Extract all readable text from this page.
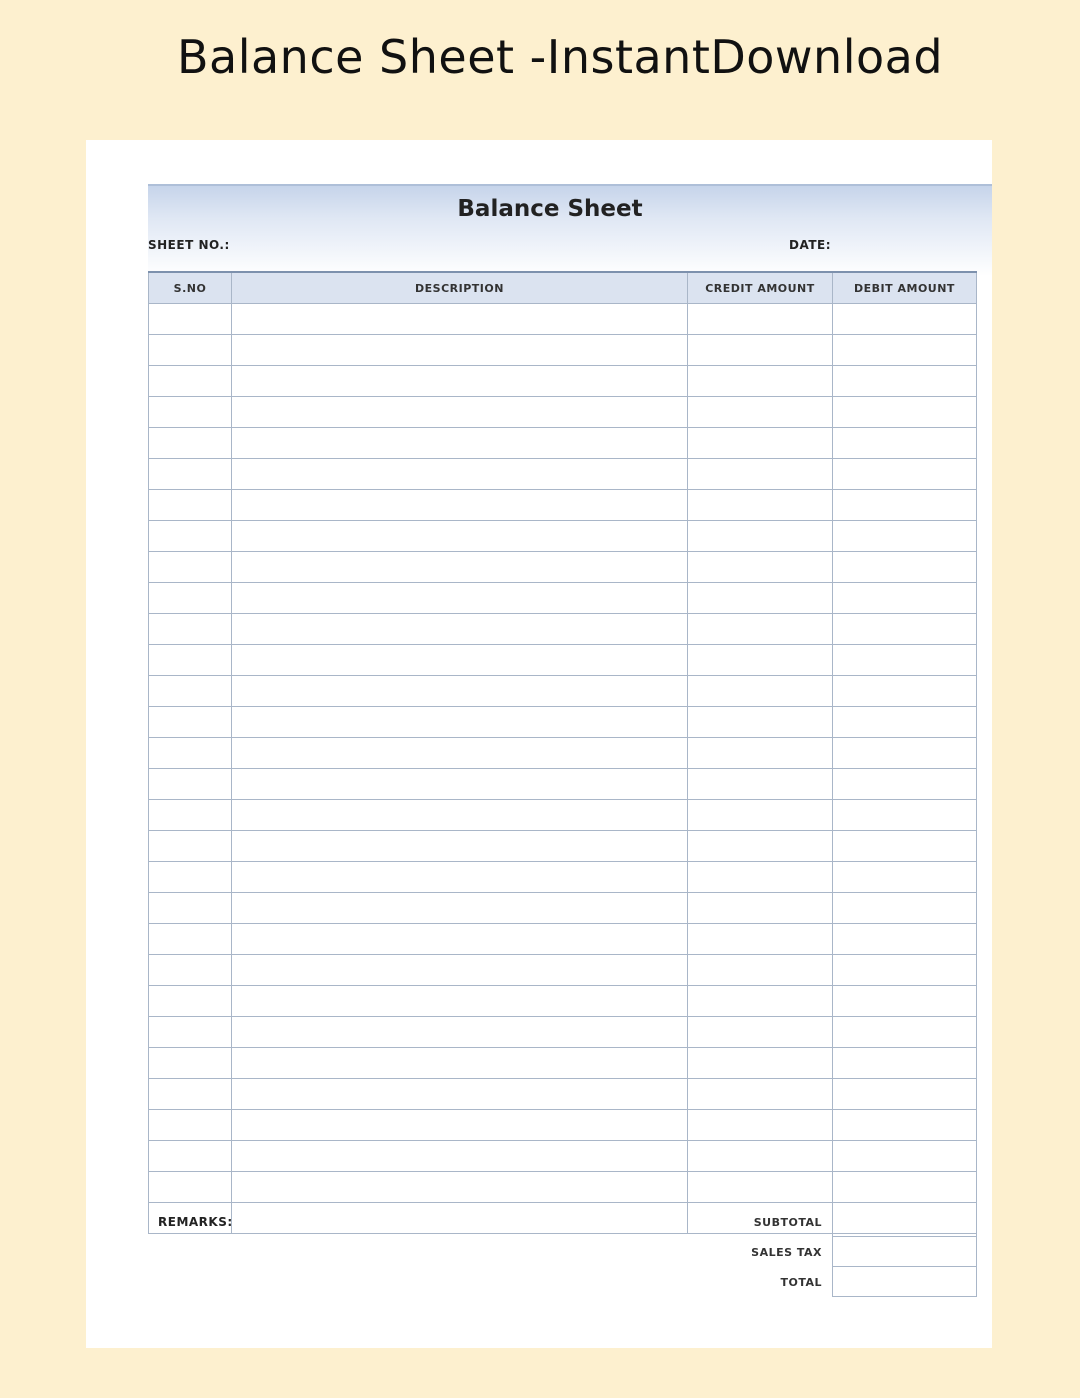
Balance Sheet -InstantDownload
Balance Sheet
SHEET NO.:	DATE:
S.NO	DESCRIPTION	CREDIT AMOUNT	DEBIT AMOUNT
REMARKS:	SUBTOTAL
SALES TAX
TOTAL
